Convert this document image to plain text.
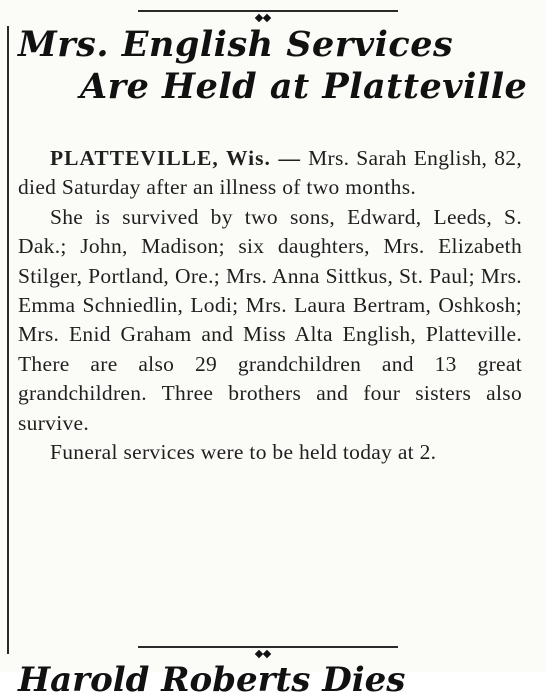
Mrs. English Services
Are Held at Platteville

PLATTEVILLE, Wis. — Mrs. Sarah English, 82, died Saturday after an illness of two months.

She is survived by two sons, Edward, Leeds, S. Dak.; John, Madison; six daughters, Mrs. Elizabeth Stilger, Portland, Ore.; Mrs. Anna Sittkus, St. Paul; Mrs. Emma Schniedlin, Lodi; Mrs. Laura Bertram, Oshkosh; Mrs. Enid Graham and Miss Alta English, Platteville. There are also 29 grandchildren and 13 great grandchildren. Three brothers and four sisters also survive.

Funeral services were to be held today at 2.

Harold Roberts Dies
